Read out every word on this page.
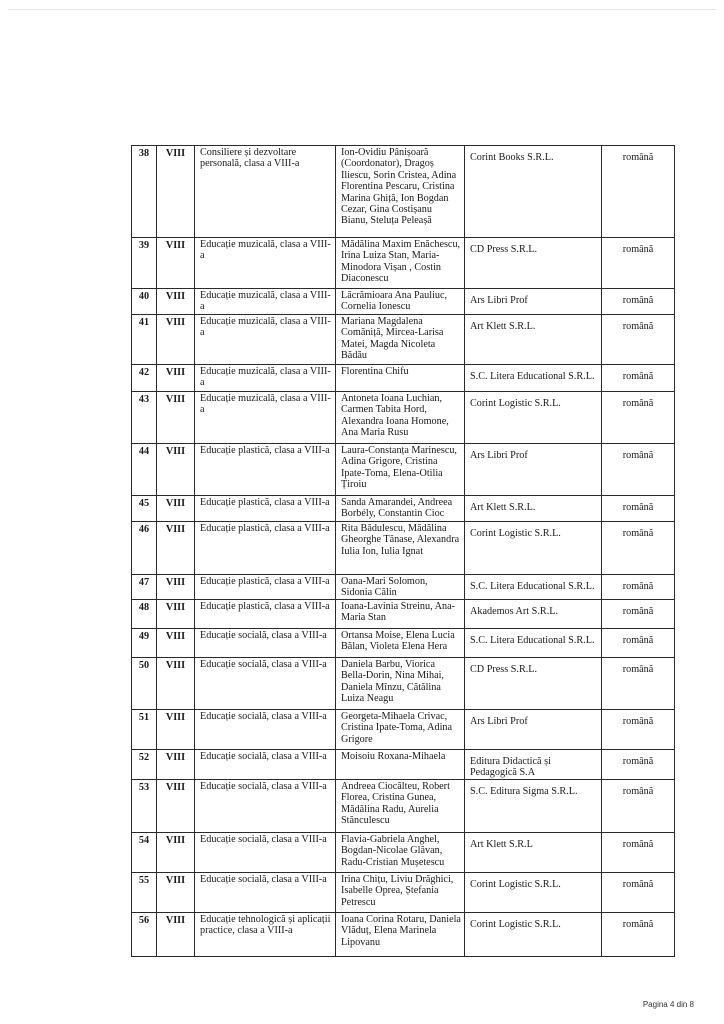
38	VIII	Consiliere și dezvoltare personală, clasa a VIII-a	Ion-Ovidiu Pânișoară (Coordonator), Dragoș Iliescu, Sorin Cristea, Adina Florentina Pescaru, Cristina Marina Ghiță, Ion Bogdan Cezar, Gina Costișanu Bianu, Steluța Peleașă	Corint Books S.R.L.	română
39	VIII	Educație muzicală, clasa a VIII-a	Mădălina Maxim Enăchescu, Irina Luiza Stan, Maria-Minodora Vișan , Costin Diaconescu	CD Press S.R.L.	română
40	VIII	Educație muzicală, clasa a VIII-a	Lăcrămioara Ana Pauliuc, Cornelia Ionescu	Ars Libri Prof	română
41	VIII	Educație muzicală, clasa a VIII-a	Mariana Magdalena Comăniță, Mircea-Larisa Matei, Magda Nicoleta Bădău	Art Klett S.R.L.	română
42	VIII	Educație muzicală, clasa a VIII-a	Florentina Chifu	S.C. Litera Educational S.R.L.	română
43	VIII	Educație muzicală, clasa a VIII-a	Antoneta Ioana Luchian, Carmen Tabita Hord, Alexandra Ioana Homone, Ana Maria Rusu	Corint Logistic S.R.L.	română
44	VIII	Educație plastică, clasa a VIII-a	Laura-Constanța Marinescu, Adina Grigore, Cristina Ipate-Toma, Elena-Otilia Țiroiu	Ars Libri Prof	română
45	VIII	Educație plastică, clasa a VIII-a	Sanda Amarandei, Andreea Borbély, Constantin Cioc	Art Klett S.R.L.	română
46	VIII	Educație plastică, clasa a VIII-a	Rita Bădulescu, Mădălina Gheorghe Tănase, Alexandra Iulia Ion, Iulia Ignat	Corint Logistic S.R.L.	română
47	VIII	Educație plastică, clasa a VIII-a	Oana-Mari Solomon, Sidonia Călin	S.C. Litera Educational S.R.L.	română
48	VIII	Educație plastică, clasa a VIII-a	Ioana-Lavinia Streinu, Ana-Maria Stan	Akademos Art S.R.L.	română
49	VIII	Educație socială, clasa a VIII-a	Ortansa Moise, Elena Lucia Bălan, Violeta Elena Hera	S.C. Litera Educational S.R.L.	română
50	VIII	Educație socială, clasa a VIII-a	Daniela Barbu, Viorica Bella-Dorin, Nina Mihai, Daniela Mînzu, Cătălina Luiza Neagu	CD Press S.R.L.	română
51	VIII	Educație socială, clasa a VIII-a	Georgeta-Mihaela Crivac, Cristina Ipate-Toma, Adina Grigore	Ars Libri Prof	română
52	VIII	Educație socială, clasa a VIII-a	Moisoiu Roxana-Mihaela	Editura Didactică și Pedagogică S.A	română
53	VIII	Educație socială, clasa a VIII-a	Andreea Ciocâlteu, Robert Florea, Cristina Gunea, Mădălina Radu, Aurelia Stănculescu	S.C. Editura Sigma S.R.L.	română
54	VIII	Educație socială, clasa a VIII-a	Flavia-Gabriela Anghel, Bogdan-Nicolae Glăvan, Radu-Cristian Mușetescu	Art Klett S.R.L	română
55	VIII	Educație socială, clasa a VIII-a	Irina Chițu, Liviu Drăghici, Isabelle Oprea, Ștefania Petrescu	Corint Logistic S.R.L.	română
56	VIII	Educație tehnologică și aplicații practice, clasa a VIII-a	Ioana Corina Rotaru, Daniela Vlăduț, Elena Marinela Lipovanu	Corint Logistic S.R.L.	română
Pagina 4 din 8
